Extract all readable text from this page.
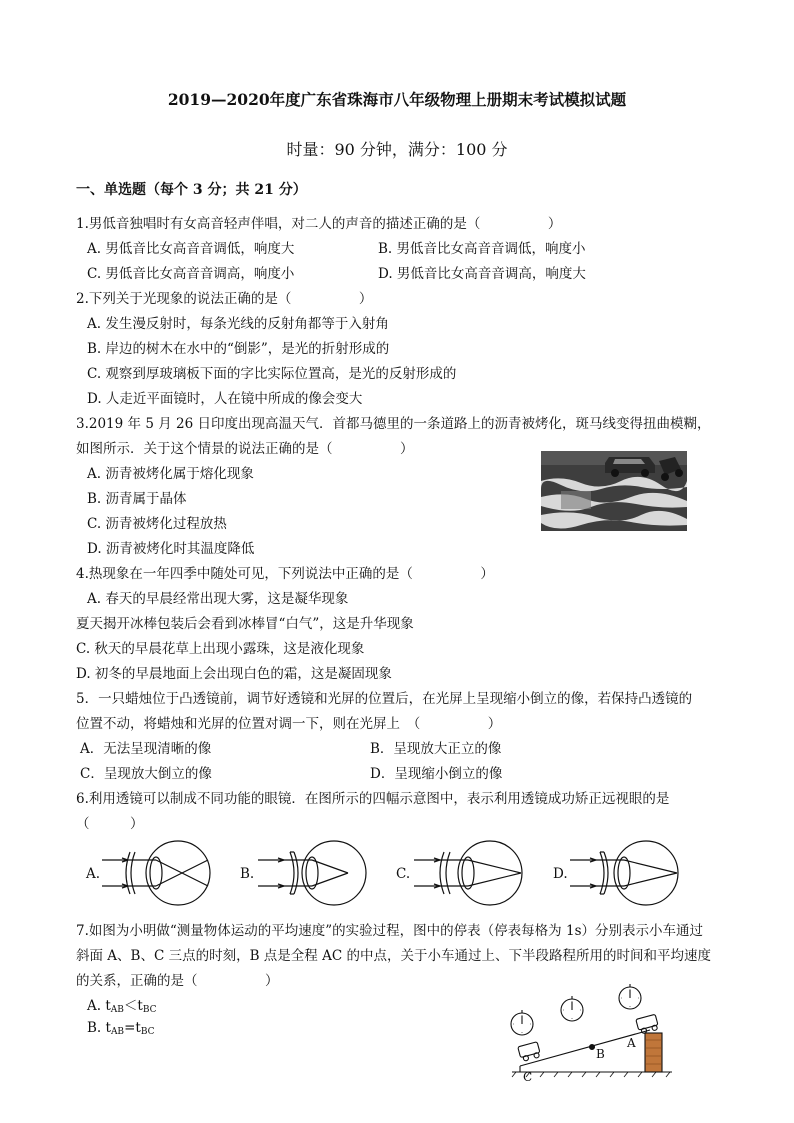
2019—2020年度广东省珠海市八年级物理上册期末考试模拟试题
时量：90 分钟，满分：100 分
一、单选题（每个 3 分；共 21 分）
1.男低音独唱时有女高音轻声伴唱，对二人的声音的描述正确的是（　　　　　）
A. 男低音比女高音音调低，响度大	B. 男低音比女高音音调低，响度小
C. 男低音比女高音音调高，响度小	D. 男低音比女高音音调高，响度大
2.下列关于光现象的说法正确的是（　　　　　）
A. 发生漫反射时，每条光线的反射角都等于入射角
B. 岸边的树木在水中的“倒影”，是光的折射形成的
C. 观察到厚玻璃板下面的字比实际位置高，是光的反射形成的
D. 人走近平面镜时，人在镜中所成的像会变大
3.2019 年 5 月 26 日印度出现高温天气．首都马德里的一条道路上的沥青被烤化，斑马线变得扭曲模糊，
如图所示．关于这个情景的说法正确的是（　　　　　）
A. 沥青被烤化属于熔化现象
B. 沥青属于晶体
C. 沥青被烤化过程放热
D. 沥青被烤化时其温度降低
4.热现象在一年四季中随处可见，下列说法中正确的是（　　　　　）
A. 春天的早晨经常出现大雾，这是凝华现象
夏天揭开冰棒包装后会看到冰棒冒“白气”，这是升华现象
C. 秋天的早晨花草上出现小露珠，这是液化现象
D. 初冬的早晨地面上会出现白色的霜，这是凝固现象
5．一只蜡烛位于凸透镜前，调节好透镜和光屏的位置后，在光屏上呈现缩小倒立的像，若保持凸透镜的
位置不动，将蜡烛和光屏的位置对调一下，则在光屏上　（　　　　　）
A．无法呈现清晰的像	B．呈现放大正立的像
C．呈现放大倒立的像	D．呈现缩小倒立的像
6.利用透镜可以制成不同功能的眼镜．在图所示的四幅示意图中，表示利用透镜成功矫正远视眼的是
（　　　）
A.	B.	C.	D.
7.如图为小明做“测量物体运动的平均速度”的实验过程，图中的停表（停表每格为 1s）分别表示小车通过
斜面 A、B、C 三点的时刻，B 点是全程 AC 的中点，关于小车通过上、下半段路程所用的时间和平均速度
的关系，正确的是（　　　　　）
A. $t_{AB}<t_{BC}$
B. $t_{AB}=t_{BC}$
A
B
C
